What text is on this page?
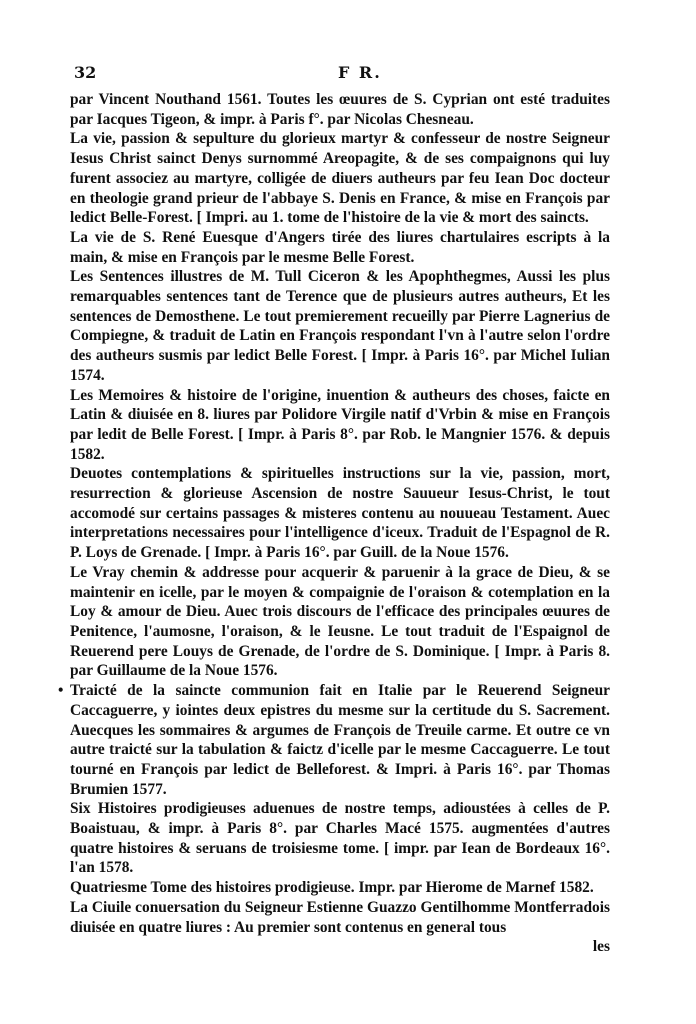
32	F R.

par Vincent Nouthand 1561. Toutes les œuures de S. Cyprian ont esté traduites par Iacques Tigeon, & impr. à Paris f°. par Nicolas Chesneau.

La vie, passion & sepulture du glorieux martyr & confesseur de nostre Seigneur Iesus Christ sainct Denys surnommé Areopagite, & de ses compaignons qui luy furent associez au martyre, colligée de diuers autheurs par feu Iean Doc docteur en theologie grand prieur de l'abbaye S. Denis en France, & mise en François par ledict Belle-Forest. [ Impri. au 1. tome de l'histoire de la vie & mort des saincts.

La vie de S. René Euesque d'Angers tirée des liures chartulaires escripts à la main, & mise en François par le mesme Belle Forest.

Les Sentences illustres de M. Tull Ciceron & les Apophthegmes, Aussi les plus remarquables sentences tant de Terence que de plusieurs autres autheurs, Et les sentences de Demosthene. Le tout premierement recueilly par Pierre Lagnerius de Compiegne, & traduit de Latin en François respondant l'vn à l'autre selon l'ordre des autheurs susmis par ledict Belle Forest. [ Impr. à Paris 16°. par Michel Iulian 1574.

Les Memoires & histoire de l'origine, inuention & autheurs des choses, faicte en Latin & diuisée en 8. liures par Polidore Virgile natif d'Vrbin & mise en François par ledit de Belle Forest. [ Impr. à Paris 8°. par Rob. le Mangnier 1576. & depuis 1582.

Deuotes contemplations & spirituelles instructions sur la vie, passion, mort, resurrection & glorieuse Ascension de nostre Sauueur Iesus-Christ, le tout accomodé sur certains passages & misteres contenu au nouueau Testament. Auec interpretations necessaires pour l'intelligence d'iceux. Traduit de l'Espagnol de R. P. Loys de Grenade. [ Impr. à Paris 16°. par Guill. de la Noue 1576.

Le Vray chemin & addresse pour acquerir & paruenir à la grace de Dieu, & se maintenir en icelle, par le moyen & compaignie de l'oraison & cotemplation en la Loy & amour de Dieu. Auec trois discours de l'efficace des principales œuures de Penitence, l'aumosne, l'oraison, & le Ieusne. Le tout traduit de l'Espaignol de Reuerend pere Louys de Grenade, de l'ordre de S. Dominique. [ Impr. à Paris 8. par Guillaume de la Noue 1576.

• Traicté de la saincte communion fait en Italie par le Reuerend Seigneur Caccaguerre, y iointes deux epistres du mesme sur la certitude du S. Sacrement. Auecques les sommaires & argumes de François de Treuile carme. Et outre ce vn autre traicté sur la tabulation & faictz d'icelle par le mesme Caccaguerre. Le tout tourné en François par ledict de Belleforest. & Impri. à Paris 16°. par Thomas Brumien 1577.

Six Histoires prodigieuses aduenues de nostre temps, adioustées à celles de P. Boaistuau, & impr. à Paris 8°. par Charles Macé 1575. augmentées d'autres quatre histoires & seruans de troisiesme tome. [ impr. par Iean de Bordeaux 16°. l'an 1578.

Quatriesme Tome des histoires prodigieuse. Impr. par Hierome de Marnef 1582.

La Ciuile conuersation du Seigneur Estienne Guazzo Gentilhomme Montferradois diuisée en quatre liures : Au premier sont contenus en general tous

les
